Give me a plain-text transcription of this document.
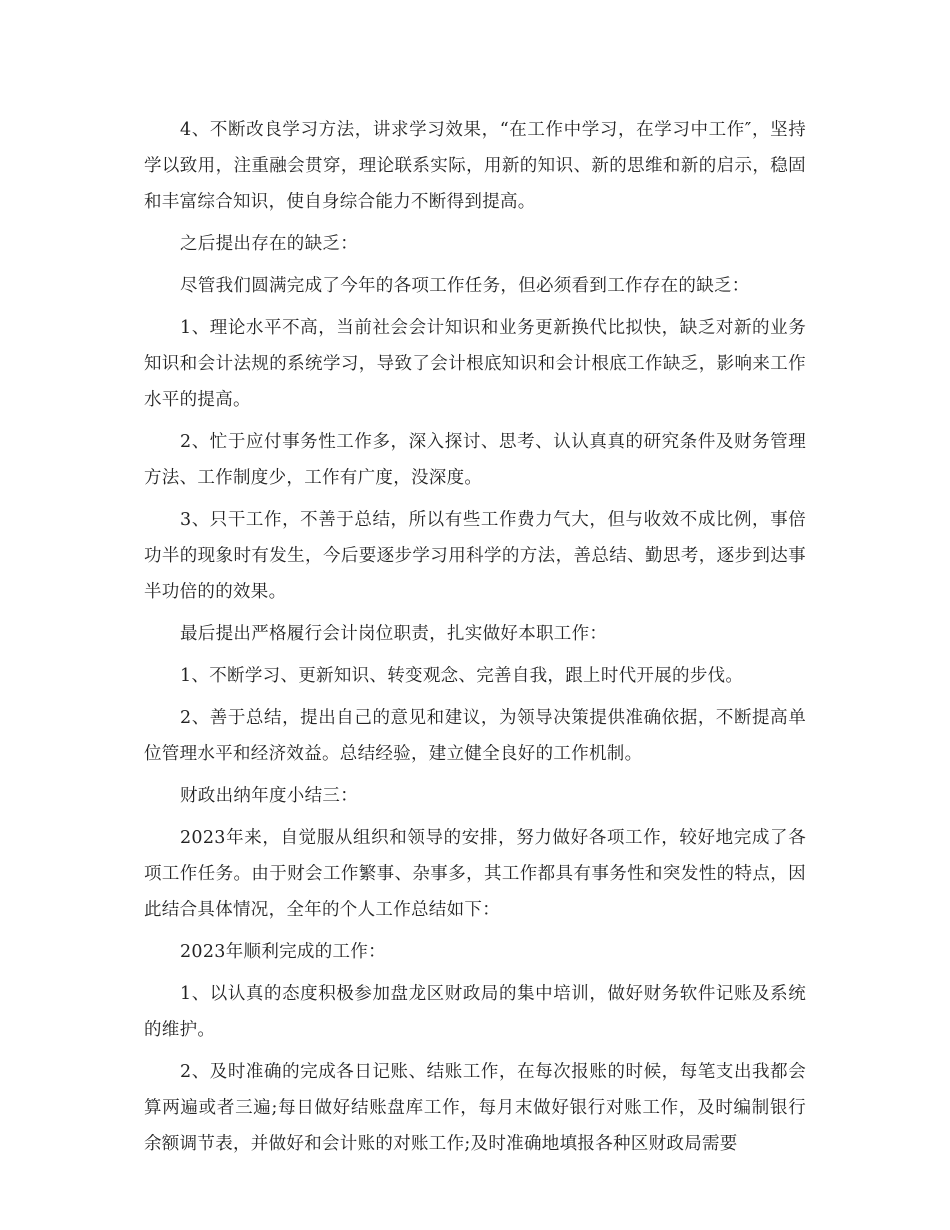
4、不断改良学习方法，讲求学习效果，“在工作中学习，在学习中工作″，坚持学以致用，注重融会贯穿，理论联系实际，用新的知识、新的思维和新的启示，稳固和丰富综合知识，使自身综合能力不断得到提高。

之后提出存在的缺乏：

尽管我们圆满完成了今年的各项工作任务，但必须看到工作存在的缺乏：

1、理论水平不高，当前社会会计知识和业务更新换代比拟快，缺乏对新的业务知识和会计法规的系统学习，导致了会计根底知识和会计根底工作缺乏，影响来工作水平的提高。

2、忙于应付事务性工作多，深入探讨、思考、认认真真的研究条件及财务管理方法、工作制度少，工作有广度，没深度。

3、只干工作，不善于总结，所以有些工作费力气大，但与收效不成比例，事倍功半的现象时有发生，今后要逐步学习用科学的方法，善总结、勤思考，逐步到达事半功倍的的效果。

最后提出严格履行会计岗位职责，扎实做好本职工作：

1、不断学习、更新知识、转变观念、完善自我，跟上时代开展的步伐。

2、善于总结，提出自己的意见和建议，为领导决策提供准确依据，不断提高单位管理水平和经济效益。总结经验，建立健全良好的工作机制。

财政出纳年度小结三：

2023年来，自觉服从组织和领导的安排，努力做好各项工作，较好地完成了各项工作任务。由于财会工作繁事、杂事多，其工作都具有事务性和突发性的特点，因此结合具体情况，全年的个人工作总结如下：

2023年顺利完成的工作：

1、以认真的态度积极参加盘龙区财政局的集中培训，做好财务软件记账及系统的维护。

2、及时准确的完成各日记账、结账工作，在每次报账的时候，每笔支出我都会算两遍或者三遍;每日做好结账盘库工作，每月末做好银行对账工作，及时编制银行余额调节表，并做好和会计账的对账工作;及时准确地填报各种区财政局需要
